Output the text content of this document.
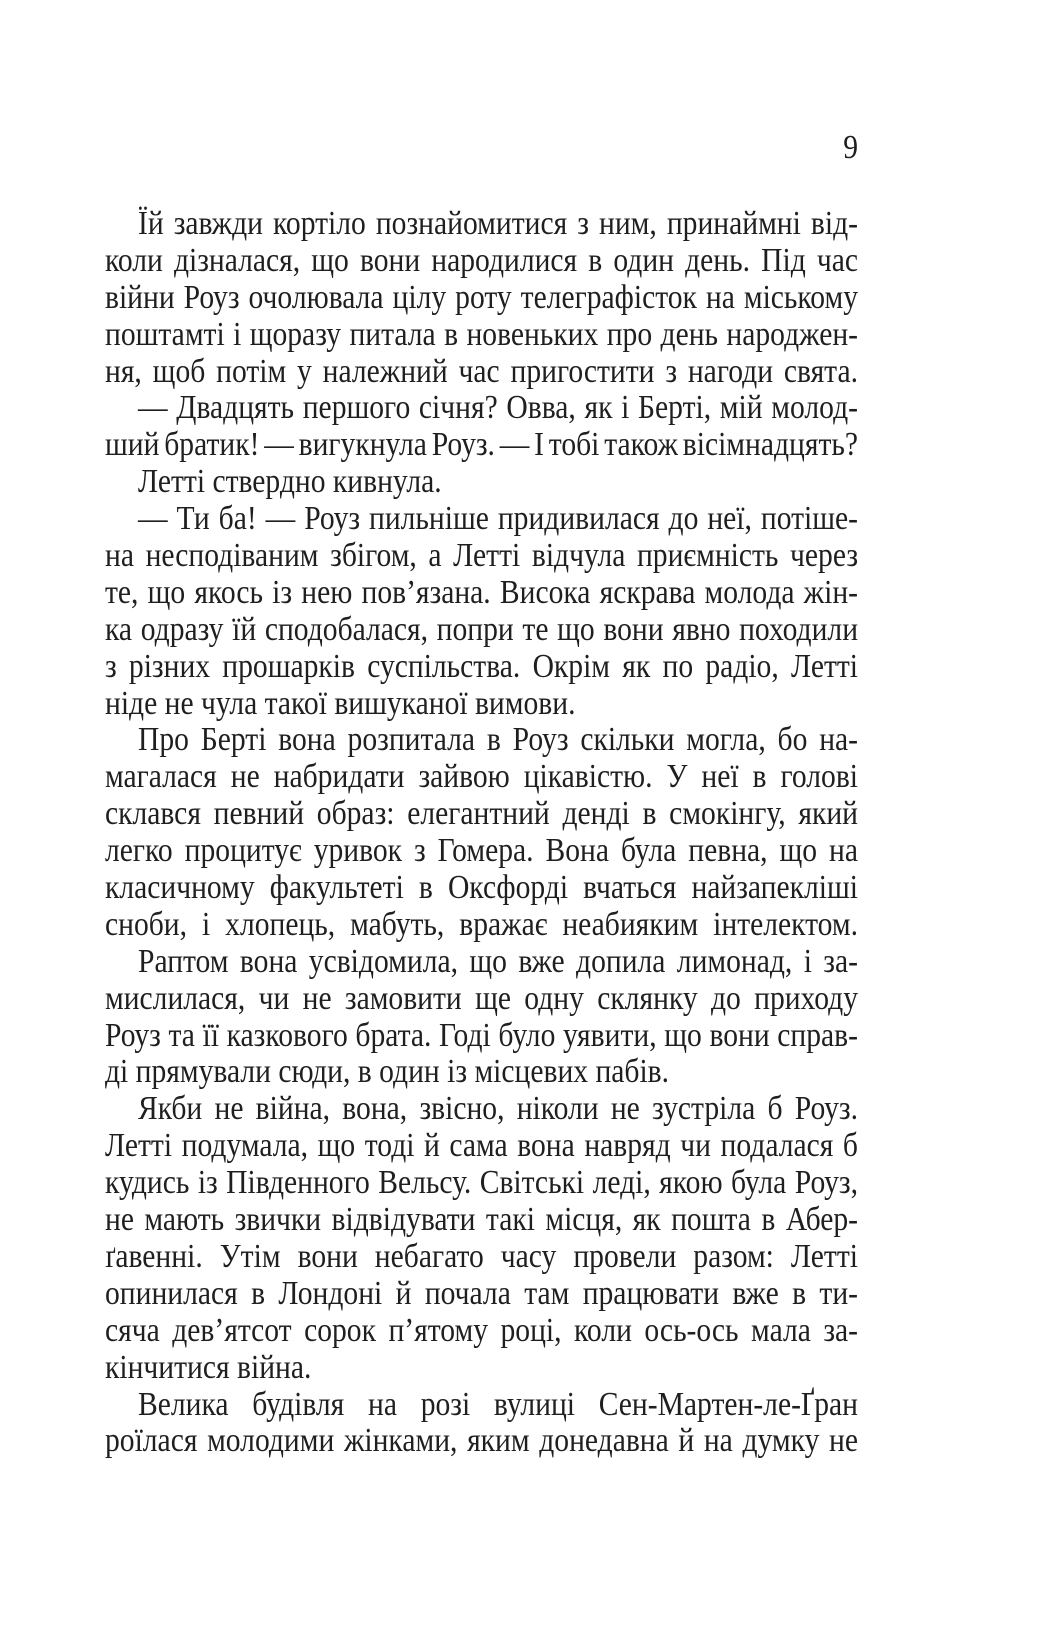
9
Їй завжди кортіло познайомитися з ним, принаймні від-
коли дізналася, що вони народилися в один день. Під час
війни Роуз очолювала цілу роту телеграфісток на міському
поштамті і щоразу питала в новеньких про день народжен-
ня, щоб потім у належний час пригостити з нагоди свята.
— Двадцять першого січня? Овва, як і Берті, мій молод-
ший братик! — вигукнула Роуз. — І тобі також вісімнадцять?
Летті ствердно кивнула.
— Ти ба! — Роуз пильніше придивилася до неї, потіше-
на несподіваним збігом, а Летті відчула приємність через
те, що якось із нею пов’язана. Висока яскрава молода жін-
ка одразу їй сподобалася, попри те що вони явно походили
з різних прошарків суспільства. Окрім як по радіо, Летті
ніде не чула такої вишуканої вимови.
Про Берті вона розпитала в Роуз скільки могла, бо на-
магалася не набридати зайвою цікавістю. У неї в голові
склався певний образ: елегантний денді в смокінгу, який
легко процитує уривок з Гомера. Вона була певна, що на
класичному факультеті в Оксфорді вчаться найзапекліші
сноби, і хлопець, мабуть, вражає неабияким інтелектом.
Раптом вона усвідомила, що вже допила лимонад, і за-
мислилася, чи не замовити ще одну склянку до приходу
Роуз та її казкового брата. Годі було уявити, що вони справ-
ді прямували сюди, в один із місцевих пабів.
Якби не війна, вона, звісно, ніколи не зустріла б Роуз.
Летті подумала, що тоді й сама вона навряд чи подалася б
кудись із Південного Вельсу. Світські леді, якою була Роуз,
не мають звички відвідувати такі місця, як пошта в Абер-
ґавенні. Утім вони небагато часу провели разом: Летті
опинилася в Лондоні й почала там працювати вже в ти-
сяча дев’ятсот сорок п’ятому році, коли ось-ось мала за-
кінчитися війна.
Велика будівля на розі вулиці Сен-Мартен-ле-Ґран
роїлася молодими жінками, яким донедавна й на думку не
